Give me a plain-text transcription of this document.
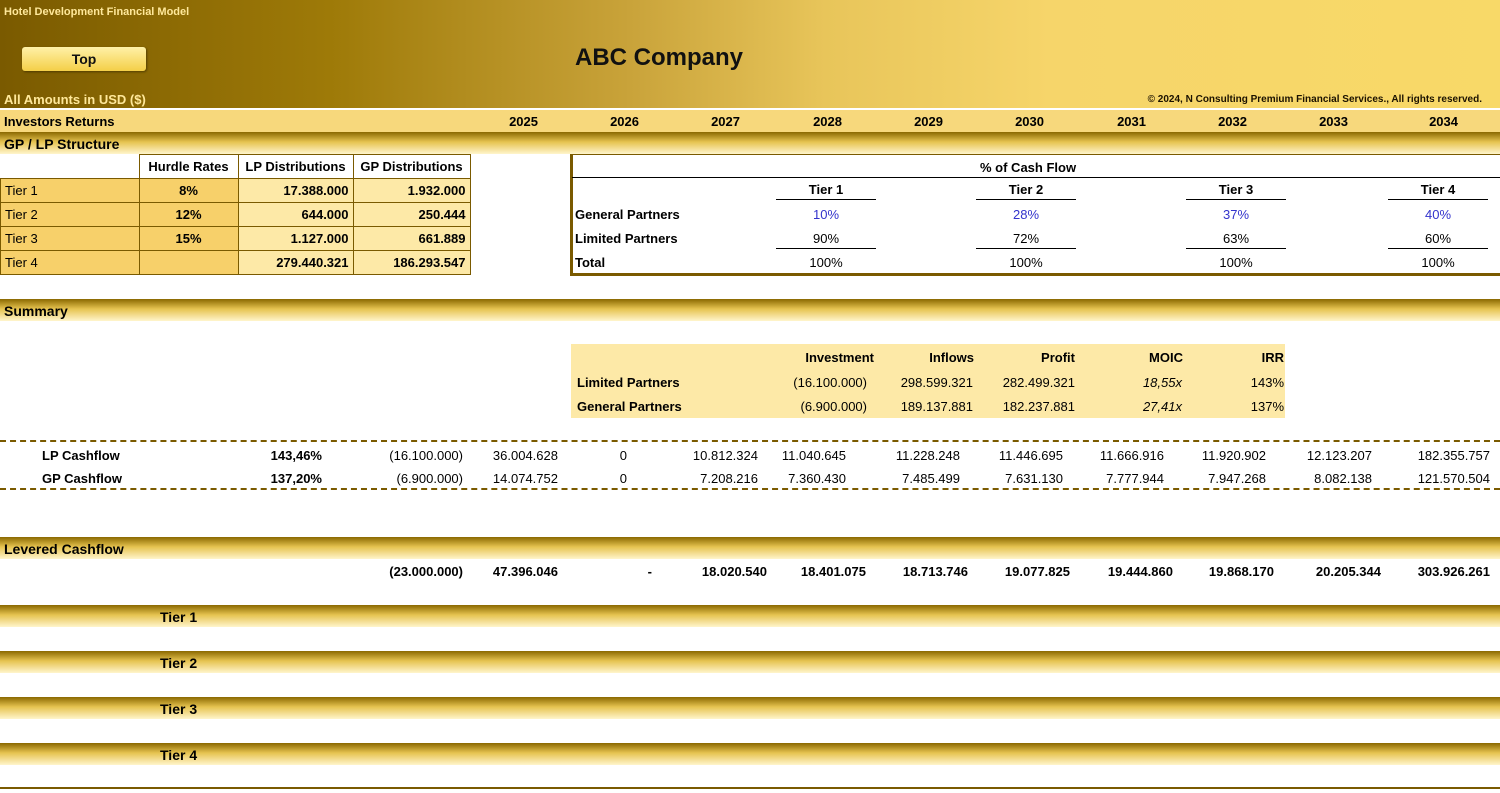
Hotel Development Financial Model
Top	ABC Company
All Amounts in USD ($)	© 2024, N Consulting Premium Financial Services., All rights reserved.
Investors Returns	2025	2026	2027	2028	2029	2030	2031	2032	2033	2034
GP / LP Structure
	Hurdle Rates	LP Distributions	GP Distributions
Tier 1	8%	17.388.000	1.932.000
Tier 2	12%	644.000	250.444
Tier 3	15%	1.127.000	661.889
Tier 4		279.440.321	186.293.547
% of Cash Flow
Tier 1	Tier 2	Tier 3	Tier 4
General Partners	10%	28%	37%	40%
Limited Partners	90%	72%	63%	60%
Total	100%	100%	100%	100%
Summary
Investment	Inflows	Profit	MOIC	IRR
Limited Partners	(16.100.000)	298.599.321	282.499.321	18,55x	143%
General Partners	(6.900.000)	189.137.881	182.237.881	27,41x	137%
LP Cashflow	143,46%	(16.100.000)	36.004.628	0	10.812.324	11.040.645	11.228.248	11.446.695	11.666.916	11.920.902	12.123.207	182.355.757
GP Cashflow	137,20%	(6.900.000)	14.074.752	0	7.208.216	7.360.430	7.485.499	7.631.130	7.777.944	7.947.268	8.082.138	121.570.504
Levered Cashflow
(23.000.000)	47.396.046	-	18.020.540	18.401.075	18.713.746	19.077.825	19.444.860	19.868.170	20.205.344	303.926.261
Tier 1
Tier 2
Tier 3
Tier 4
